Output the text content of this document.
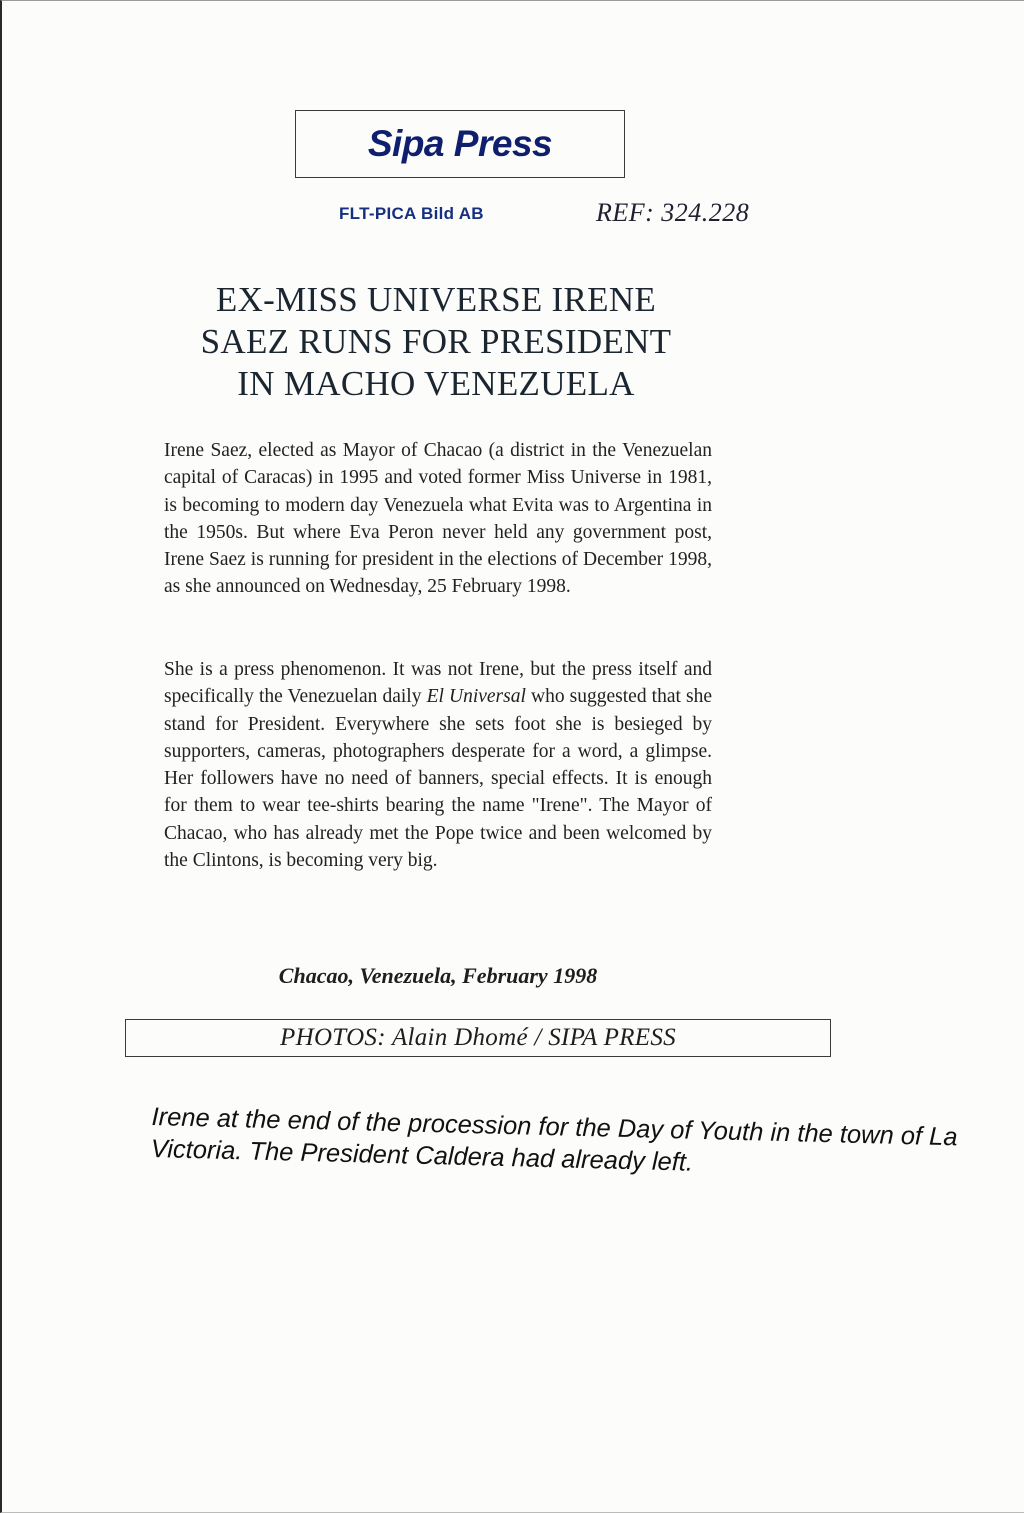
Sipa Press
FLT-PICA Bild AB	REF: 324.228
EX-MISS UNIVERSE IRENE
SAEZ RUNS FOR PRESIDENT
IN MACHO VENEZUELA
Irene Saez, elected as Mayor of Chacao (a district in the Venezuelan capital of Caracas) in 1995 and voted former Miss Universe in 1981, is becoming to modern day Venezuela what Evita was to Argentina in the 1950s. But where Eva Peron never held any government post, Irene Saez is running for president in the elections of December 1998, as she announced on Wednesday, 25 February 1998.
She is a press phenomenon. It was not Irene, but the press itself and specifically the Venezuelan daily El Universal who suggested that she stand for President. Everywhere she sets foot she is besieged by supporters, cameras, photographers desperate for a word, a glimpse. Her followers have no need of banners, special effects. It is enough for them to wear tee-shirts bearing the name "Irene". The Mayor of Chacao, who has already met the Pope twice and been welcomed by the Clintons, is becoming very big.
Chacao, Venezuela, February 1998
PHOTOS: Alain Dhomé / SIPA PRESS
Irene at the end of the procession for the Day of Youth in the town of La Victoria. The President Caldera had already left.
